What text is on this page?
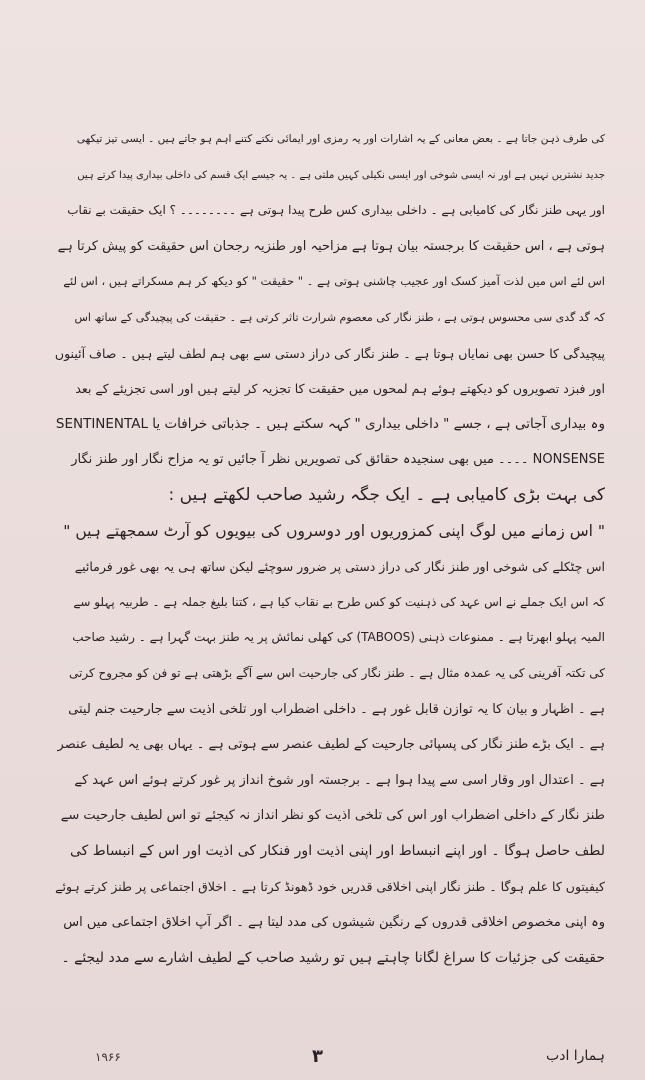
کی طرف ذہن جاتا ہے ۔ بعض معانی کے یہ اشارات اور یہ رمزی اور ایمائی نکتے کتنے اہم ہو جاتے ہیں ۔ ایسی تیز تیکھی
جدید نشتریں نہیں ہے اور نہ ایسی شوخی اور ایسی نکیلی کہیں ملتی ہے ۔ یہ جیسے ایک قسم کی داخلی بیداری پیدا کرتے ہیں
اور یہی طنز نگار کی کامیابی ہے ۔ داخلی بیداری کس طرح پیدا ہوتی ہے ۔۔۔۔۔۔۔۔ ؟ ایک حقیقت بے نقاب
ہوتی ہے ، اس حقیقت کا برجستہ بیان ہوتا ہے مزاحیہ اور طنزیہ رجحان اس حقیقت کو پیش کرتا ہے
اس لئے اس میں لذت آمیز کسک اور عجیب چاشنی ہوتی ہے ۔ " حقیقت " کو دیکھ کر ہم مسکراتے ہیں ، اس لئے
کہ گد گدی سی محسوس ہوتی ہے ، طنز نگار کی معصوم شرارت تاثر کرتی ہے ۔ حقیقت کی پیچیدگی کے ساتھ اس
پیچیدگی کا حسن بھی نمایاں ہوتا ہے ۔ طنز نگار کی دراز دستی سے بھی ہم لطف لیتے ہیں ۔ صاف آئینوں
اور فبزد تصویروں کو دیکھتے ہوئے ہم لمحوں میں حقیقت کا تجزیہ کر لیتے ہیں اور اسی تجزیئے کے بعد
وہ بیداری آجاتی ہے ، جسے " داخلی بیداری " کہہ سکتے ہیں ۔ جذباتی خرافات یا SENTINENTAL
NONSENSE ۔۔۔۔ میں بھی سنجیدہ حقائق کی تصویریں نظر آ جائیں تو یہ مزاح نگار اور طنز نگار
کی بہت بڑی کامیابی ہے ۔ ایک جگہ رشید صاحب لکھتے ہیں :
" اس زمانے میں لوگ اپنی کمزوریوں اور دوسروں کی بیویوں کو آرٹ سمجھتے ہیں "
اس چٹکلے کی شوخی اور طنز نگار کی دراز دستی پر ضرور سوچئے لیکن ساتھ ہی یہ بھی غور فرمائیے
کہ اس ایک جملے نے اس عہد کی ذہنیت کو کس طرح بے نقاب کیا ہے ، کتنا بلیغ جملہ ہے ۔ طربیہ پہلو سے
المیہ پہلو ابھرتا ہے ۔ ممنوعات ذہنی (TABOOS) کی کھلی نمائش پر یہ طنز بہت گہرا ہے ۔ رشید صاحب
کی تکتہ آفرینی کی یہ عمدہ مثال ہے ۔ طنز نگار کی جارحیت اس سے آگے بڑھتی ہے تو فن کو مجروح کرتی
ہے ۔ اظہار و بیان کا یہ توازن قابل غور ہے ۔ داخلی اضطراب اور تلخی اذیت سے جارحیت جنم لیتی
ہے ۔ ایک بڑے طنز نگار کی پسپائی جارحیت کے لطیف عنصر سے ہوتی ہے ۔ یہاں بھی یہ لطیف عنصر
ہے ۔ اعتدال اور وقار اسی سے پیدا ہوا ہے ۔ برجستہ اور شوخ انداز پر غور کرتے ہوئے اس عہد کے
طنز نگار کے داخلی اضطراب اور اس کی تلخی اذیت کو نظر انداز نہ کیجئے تو اس لطیف جارحیت سے
لطف حاصل ہوگا ۔ اور اپنے انبساط اور اپنی اذیت اور فنکار کی اذیت اور اس کے انبساط کی
کیفیتوں کا علم ہوگا ۔ طنز نگار اپنی اخلاقی قدریں خود ڈھونڈ کرتا ہے ۔ اخلاق اجتماعی پر طنز کرتے ہوئے
وہ اپنی مخصوص اخلاقی قدروں کے رنگین شیشوں کی مدد لیتا ہے ۔ اگر آپ اخلاق اجتماعی میں اس
حقیقت کی جزئیات کا سراغ لگانا چاہتے ہیں تو رشید صاحب کے لطیف اشارے سے مدد لیجئے ۔
۱۹۶۶	۳	ہمارا ادب
